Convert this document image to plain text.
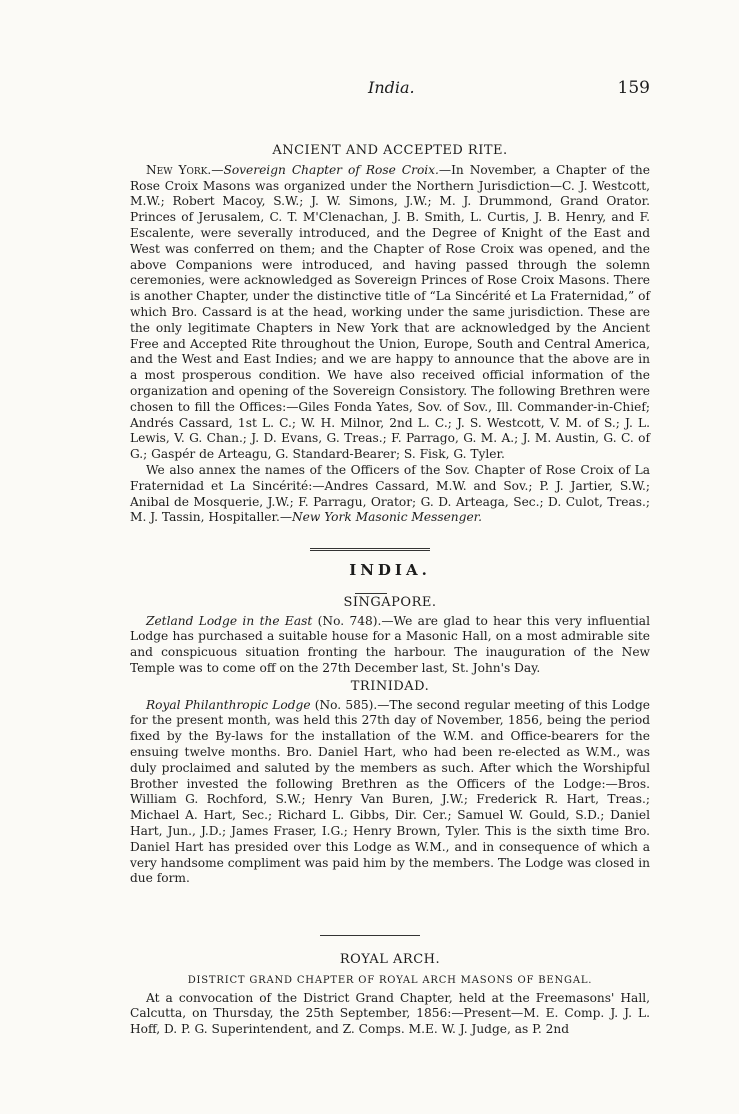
India.	159
ANCIENT AND ACCEPTED RITE.

New York.—Sovereign Chapter of Rose Croix.—In November, a Chapter of the Rose Croix Masons was organized under the Northern Jurisdiction—C. J. Westcott, M.W.; Robert Macoy, S.W.; J. W. Simons, J.W.; M. J. Drummond, Grand Orator. Princes of Jerusalem, C. T. M'Clenachan, J. B. Smith, L. Curtis, J. B. Henry, and F. Escalente, were severally introduced, and the Degree of Knight of the East and West was conferred on them; and the Chapter of Rose Croix was opened, and the above Companions were introduced, and having passed through the solemn ceremonies, were acknowledged as Sovereign Princes of Rose Croix Masons. There is another Chapter, under the distinctive title of “La Sincérité et La Fraternidad,” of which Bro. Cassard is at the head, working under the same jurisdiction. These are the only legitimate Chapters in New York that are acknowledged by the Ancient Free and Accepted Rite throughout the Union, Europe, South and Central America, and the West and East Indies; and we are happy to announce that the above are in a most prosperous condition. We have also received official information of the organization and opening of the Sovereign Consistory. The following Brethren were chosen to fill the Offices:—Giles Fonda Yates, Sov. of Sov., Ill. Commander-in-Chief; Andrés Cassard, 1st L. C.; W. H. Milnor, 2nd L. C.; J. S. Westcott, V. M. of S.; J. L. Lewis, V. G. Chan.; J. D. Evans, G. Treas.; F. Parrago, G. M. A.; J. M. Austin, G. C. of G.; Gaspér de Arteagu, G. Standard-Bearer; S. Fisk, G. Tyler.

We also annex the names of the Officers of the Sov. Chapter of Rose Croix of La Fraternidad et La Sincérité:—Andres Cassard, M.W. and Sov.; P. J. Jartier, S.W.; Anibal de Mosquerie, J.W.; F. Parragu, Orator; G. D. Arteaga, Sec.; D. Culot, Treas.; M. J. Tassin, Hospitaller.—New York Masonic Messenger.

INDIA.
SINGAPORE.

Zetland Lodge in the East (No. 748).—We are glad to hear this very influential Lodge has purchased a suitable house for a Masonic Hall, on a most admirable site and conspicuous situation fronting the harbour. The inauguration of the New Temple was to come off on the 27th December last, St. John's Day.

TRINIDAD.

Royal Philanthropic Lodge (No. 585).—The second regular meeting of this Lodge for the present month, was held this 27th day of November, 1856, being the period fixed by the By-laws for the installation of the W.M. and Office-bearers for the ensuing twelve months. Bro. Daniel Hart, who had been re-elected as W.M., was duly proclaimed and saluted by the members as such. After which the Worshipful Brother invested the following Brethren as the Officers of the Lodge:—Bros. William G. Rochford, S.W.; Henry Van Buren, J.W.; Frederick R. Hart, Treas.; Michael A. Hart, Sec.; Richard L. Gibbs, Dir. Cer.; Samuel W. Gould, S.D.; Daniel Hart, Jun., J.D.; James Fraser, I.G.; Henry Brown, Tyler. This is the sixth time Bro. Daniel Hart has presided over this Lodge as W.M., and in consequence of which a very handsome compliment was paid him by the members. The Lodge was closed in due form.

ROYAL ARCH.
DISTRICT GRAND CHAPTER OF ROYAL ARCH MASONS OF BENGAL.

At a convocation of the District Grand Chapter, held at the Freemasons' Hall, Calcutta, on Thursday, the 25th September, 1856:—Present—M. E. Comp. J. J. L. Hoff, D. P. G. Superintendent, and Z. Comps. M.E. W. J. Judge, as P. 2nd
